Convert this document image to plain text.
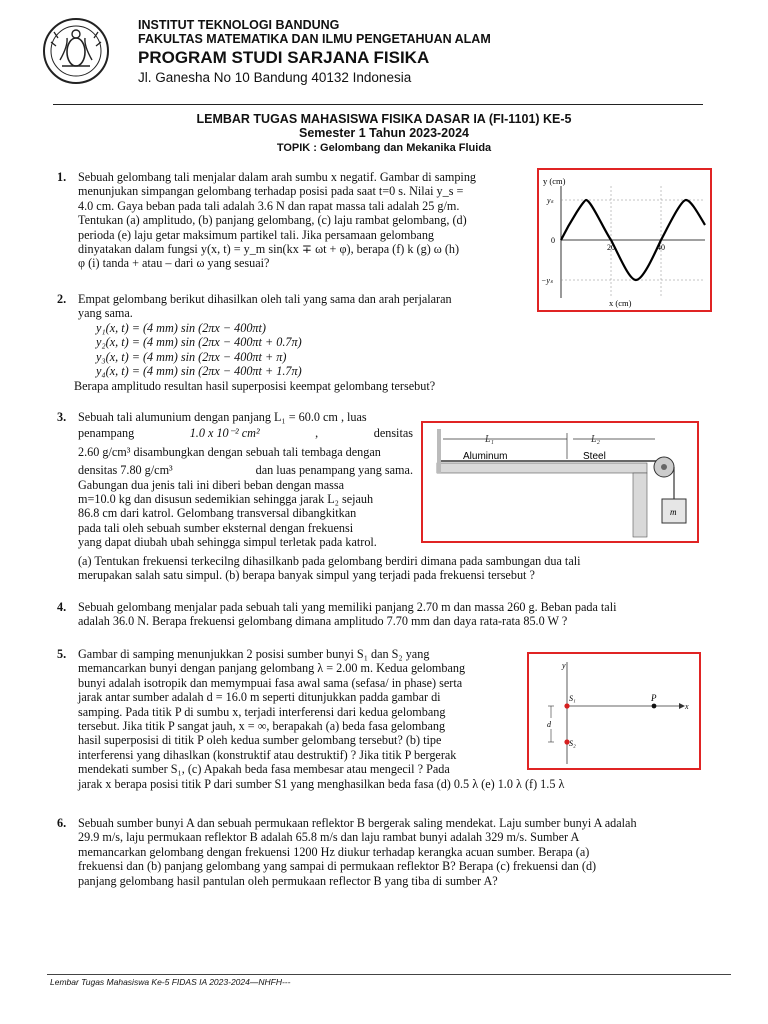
INSTITUT TEKNOLOGI BANDUNG
FAKULTAS MATEMATIKA DAN ILMU PENGETAHUAN ALAM
PROGRAM STUDI SARJANA FISIKA
Jl. Ganesha No 10 Bandung 40132 Indonesia
LEMBAR TUGAS MAHASISWA FISIKA DASAR IA (FI-1101) KE-5
Semester 1 Tahun 2023-2024
TOPIK : Gelombang dan Mekanika Fluida
1. Sebuah gelombang tali menjalar dalam arah sumbu x negatif. Gambar di samping
menunjukan simpangan gelombang terhadap posisi pada saat t=0 s. Nilai y_s =
4.0 cm. Gaya beban pada tali adalah 3.6 N dan rapat massa tali adalah 25 g/m.
Tentukan (a) amplitudo, (b) panjang gelombang, (c) laju rambat gelombang, (d)
perioda (e) laju getar maksimum partikel tali. Jika persamaan gelombang
dinyatakan dalam fungsi y(x, t) = y_m sin(kx ∓ ωt + φ), berapa (f) k (g) ω (h)
φ (i) tanda + atau – dari ω yang sesuai?
y (cm)
yₛ
0
−yₛ
20	40
x (cm)
2. Empat gelombang berikut dihasilkan oleh tali yang sama dan arah perjalaran
yang sama.
y₁(x, t) = (4 mm) sin (2πx − 400πt)
y₂(x, t) = (4 mm) sin (2πx − 400πt + 0.7π)
y₃(x, t) = (4 mm) sin (2πx − 400πt + π)
y₄(x, t) = (4 mm) sin (2πx − 400πt + 1.7π)
Berapa amplitudo resultan hasil superposisi keempat gelombang tersebut?
3. Sebuah tali alumunium dengan panjang L₁ = 60.0 cm , luas
penampang	1.0 x 10⁻² cm²	,	densitas
2.60 g/cm³ disambungkan dengan sebuah tali tembaga dengan
densitas 7.80 g/cm³	dan luas penampang yang sama.
Gabungan dua jenis tali ini diberi beban dengan massa
m=10.0 kg dan disusun sedemikian sehingga jarak L₂ sejauh
86.8 cm dari katrol. Gelombang transversal dibangkitkan
pada tali oleh sebuah sumber eksternal dengan frekuensi
yang dapat diubah ubah sehingga simpul terletak pada katrol.
(a) Tentukan frekuensi terkecilng dihasilkanb pada gelombang berdiri dimana pada sambungan dua tali
merupakan salah satu simpul. (b) berapa banyak simpul yang terjadi pada frekuensi tersebut ?
m
L₁	L₂
Aluminum	Steel
4. Sebuah gelombang menjalar pada sebuah tali yang memiliki panjang 2.70 m dan massa 260 g. Beban pada tali
adalah 36.0 N. Berapa frekuensi gelombang dimana amplitudo 7.70 mm dan daya rata-rata 85.0 W ?
5. Gambar di samping menunjukkan 2 posisi sumber bunyi S₁ dan S₂ yang
memancarkan bunyi dengan panjang gelombang λ = 2.00 m. Kedua gelombang
bunyi adalah isotropik dan memympuai fasa awal sama (sefasa/ in phase) serta
jarak antar sumber adalah d = 16.0 m seperti ditunjukkan padda gambar di
samping. Pada titik P di sumbu x, terjadi interferensi dari kedua gelombang
tersebut. Jika titik P sangat jauh, x = ∞, berapakah (a) beda fasa gelombang
hasil superposisi di titik P oleh kedua sumber gelombang tersebut? (b) tipe
interferensi yang dihaslkan (konstruktif atau destruktif) ? Jika titik P bergerak
mendekati sumber S₁, (c) Apakah beda fasa membesar atau mengecil ? Pada
jarak x berapa posisi titik P dari sumber S1 yang menghasilkan beda fasa (d) 0.5 λ (e) 1.0 λ (f) 1.5 λ
y
S₁
S₂
P
x
d
6. Sebuah sumber bunyi A dan sebuah permukaan reflektor B bergerak saling mendekat. Laju sumber bunyi A adalah
29.9 m/s, laju permukaan reflektor B adalah 65.8 m/s dan laju rambat bunyi adalah 329 m/s. Sumber A
memancarkan gelombang dengan frekuensi 1200 Hz diukur terhadap kerangka acuan sumber. Berapa (a)
frekuensi dan (b) panjang gelombang yang sampai di permukaan reflektor B? Berapa (c) frekuensi dan (d)
panjang gelombang hasil pantulan oleh permukaan reflector B yang tiba di sumber A?
Lembar Tugas Mahasiswa Ke-5 FIDAS IA 2023-2024—NHFH---
